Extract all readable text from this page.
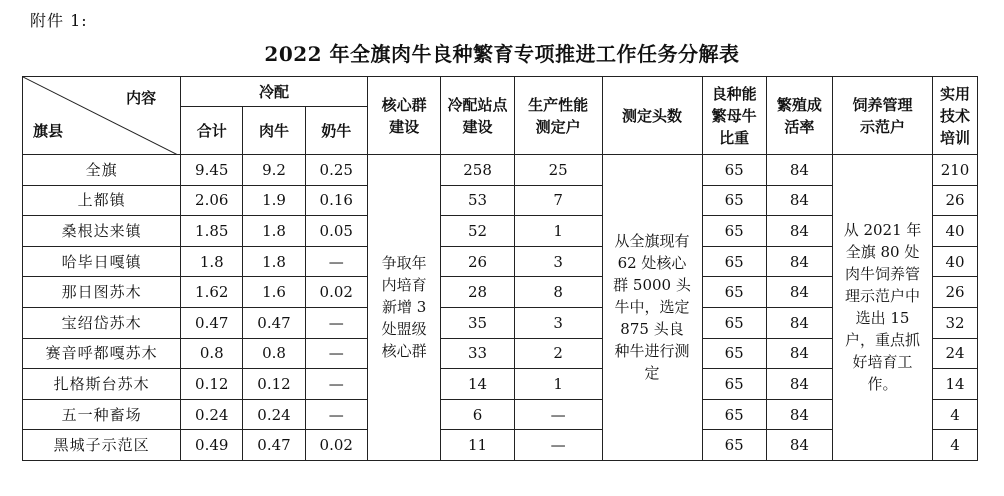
附件 1:
2022 年全旗肉牛良种繁育专项推进工作任务分解表
内容
旗县	冷配			核心群建设	冷配站点建设	生产性能测定户	测定头数	良种能繁母牛比重	繁殖成活率	饲养管理示范户	实用技术培训
	合计	肉牛	奶牛								
全旗	9.45	9.2	0.25	争取年内培育新增 3 处盟级核心群	258	25	从全旗现有 62 处核心群 5000 头牛中，选定 875 头良种牛进行测定	65	84	从 2021 年全旗 80 处肉牛饲养管理示范户中选出 15 户，重点抓好培育工作。	210
上都镇	2.06	1.9	0.16		53	7		65	84		26
桑根达来镇	1.85	1.8	0.05		52	1		65	84		40
哈毕日嘎镇	1.8	1.8	—		26	3		65	84		40
那日图苏木	1.62	1.6	0.02		28	8		65	84		26
宝绍岱苏木	0.47	0.47	—		35	3		65	84		32
赛音呼都嘎苏木	0.8	0.8	—		33	2		65	84		24
扎格斯台苏木	0.12	0.12	—		14	1		65	84		14
五一种畜场	0.24	0.24	—		6	—		65	84		4
黑城子示范区	0.49	0.47	0.02		11	—		65	84		4
